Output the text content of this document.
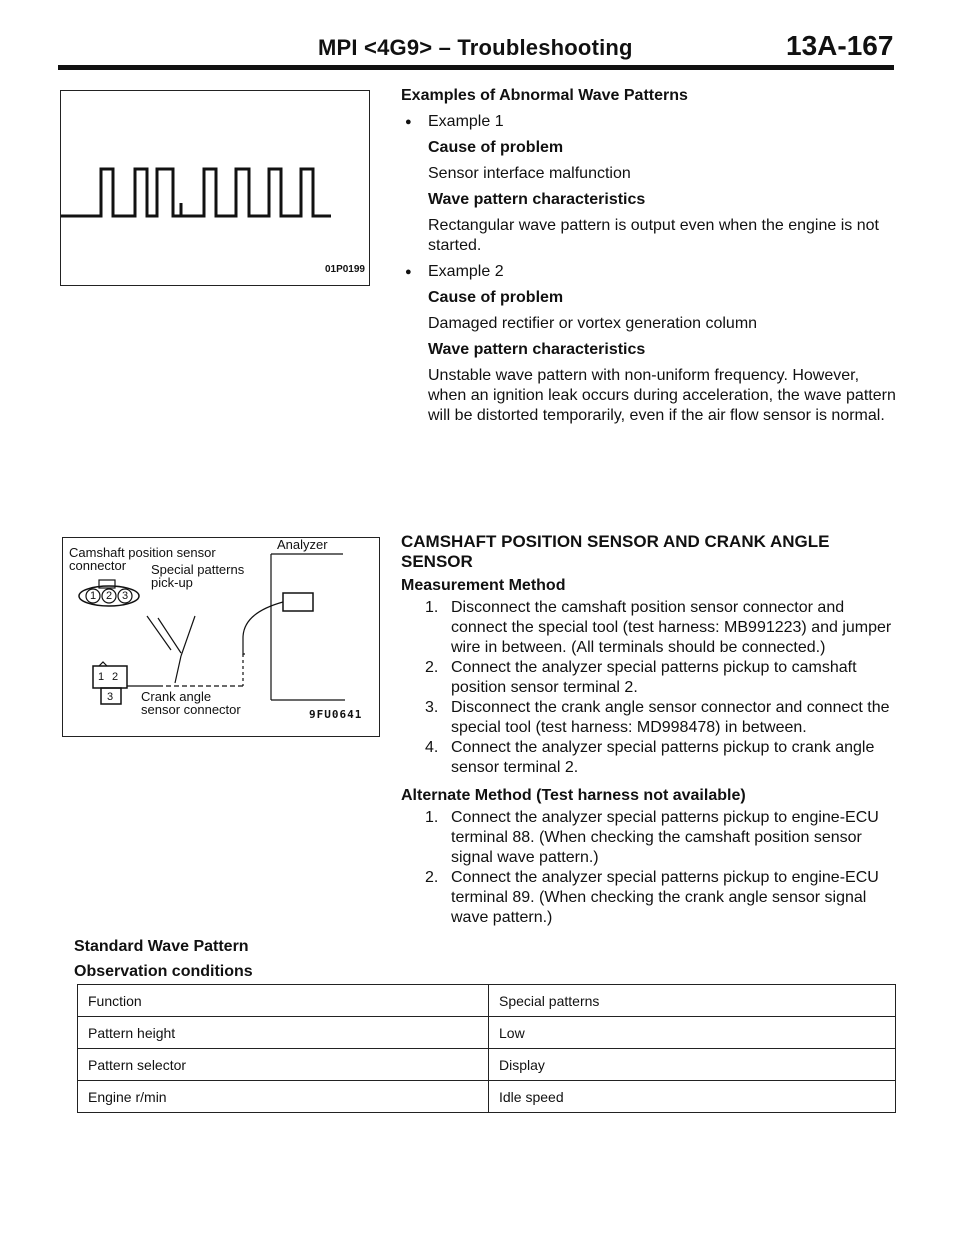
MPI <4G9> – Troubleshooting	13A-167
01P0199
Camshaft position sensor
connector Special patterns
pick-up
Analyzer
1 2 3
1 2
3 Crank angle
sensor connector	9FU0641
Examples of Abnormal Wave Patterns
● Example 1
Cause of problem
Sensor interface malfunction
Wave pattern characteristics
Rectangular wave pattern is output even when the engine is not started.
● Example 2
Cause of problem
Damaged rectifier or vortex generation column
Wave pattern characteristics
Unstable wave pattern with non-uniform frequency. However, when an ignition leak occurs during acceleration, the wave pattern will be distorted temporarily, even if the air flow sensor is normal.
CAMSHAFT POSITION SENSOR AND CRANK ANGLE SENSOR
Measurement Method
1. Disconnect the camshaft position sensor connector and connect the special tool (test harness: MB991223) and jumper wire in between. (All terminals should be connected.)
2. Connect the analyzer special patterns pickup to camshaft position sensor terminal 2.
3. Disconnect the crank angle sensor connector and connect the special tool (test harness: MD998478) in between.
4. Connect the analyzer special patterns pickup to crank angle sensor terminal 2.
Alternate Method (Test harness not available)
1. Connect the analyzer special patterns pickup to engine-ECU terminal 88. (When checking the camshaft position sensor signal wave pattern.)
2. Connect the analyzer special patterns pickup to engine-ECU terminal 89. (When checking the crank angle sensor signal wave pattern.)
Standard Wave Pattern
Observation conditions
Function	Special patterns
Pattern height	Low
Pattern selector	Display
Engine r/min	Idle speed
